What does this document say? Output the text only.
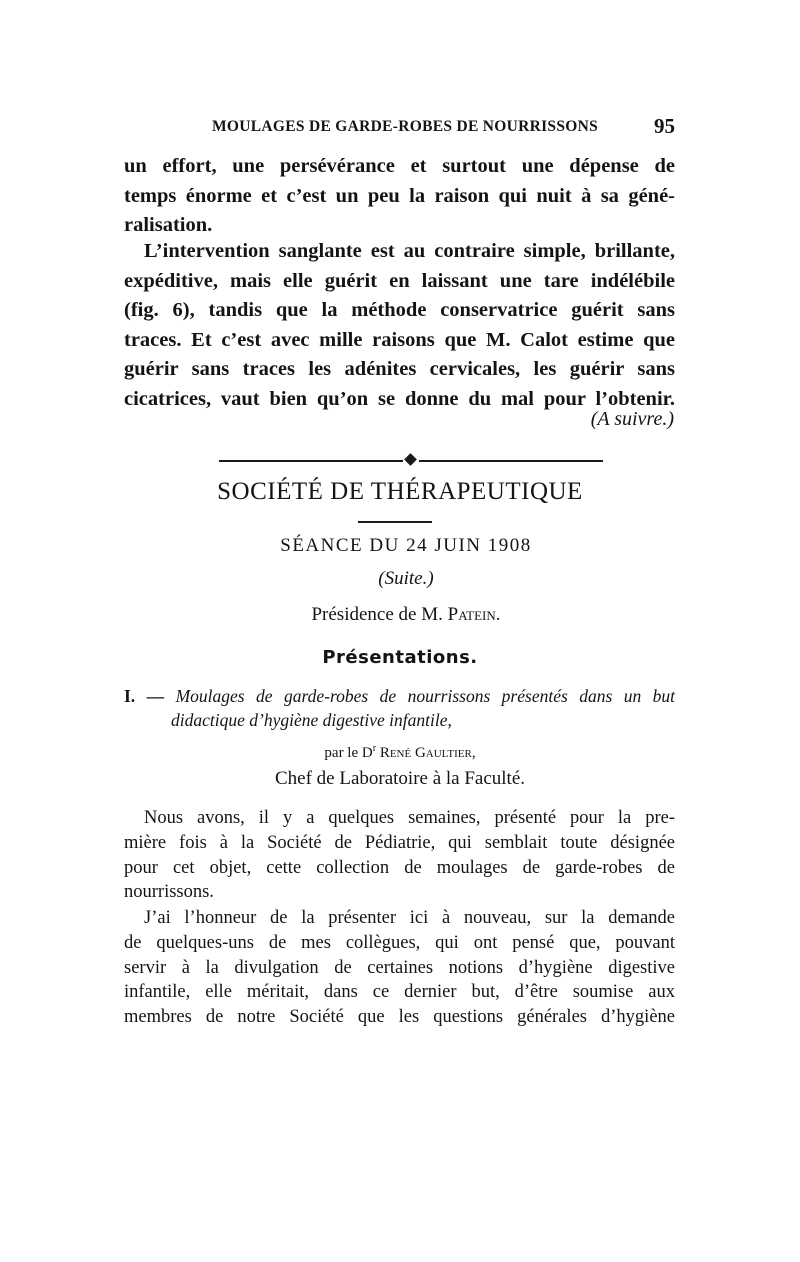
MOULAGES DE GARDE-ROBES DE NOURRISSONS	95
un effort, une persévérance et surtout une dépense de
temps énorme et c’est un peu la raison qui nuit à sa géné-
ralisation.
L’intervention sanglante est au contraire simple, brillante,
expéditive, mais elle guérit en laissant une tare indélébile
(fig. 6), tandis que la méthode conservatrice guérit sans
traces. Et c’est avec mille raisons que M. Calot estime que
guérir sans traces les adénites cervicales, les guérir sans
cicatrices, vaut bien qu’on se donne du mal pour l’obtenir.
(A suivre.)
SOCIÉTÉ DE THÉRAPEUTIQUE
SÉANCE DU 24 JUIN 1908
(Suite.)
Présidence de M. Patein.
Présentations.
I. — Moulages de garde-robes de nourrissons présentés dans un but
didactique d’hygiène digestive infantile,
par le $D^r$ René Gaultier,
Chef de Laboratoire à la Faculté.
Nous avons, il y a quelques semaines, présenté pour la pre-
mière fois à la Société de Pédiatrie, qui semblait toute désignée
pour cet objet, cette collection de moulages de garde-robes de
nourrissons.
J’ai l’honneur de la présenter ici à nouveau, sur la demande
de quelques-uns de mes collègues, qui ont pensé que, pouvant
servir à la divulgation de certaines notions d’hygiène digestive
infantile, elle méritait, dans ce dernier but, d’être soumise aux
membres de notre Société que les questions générales d’hygiène
